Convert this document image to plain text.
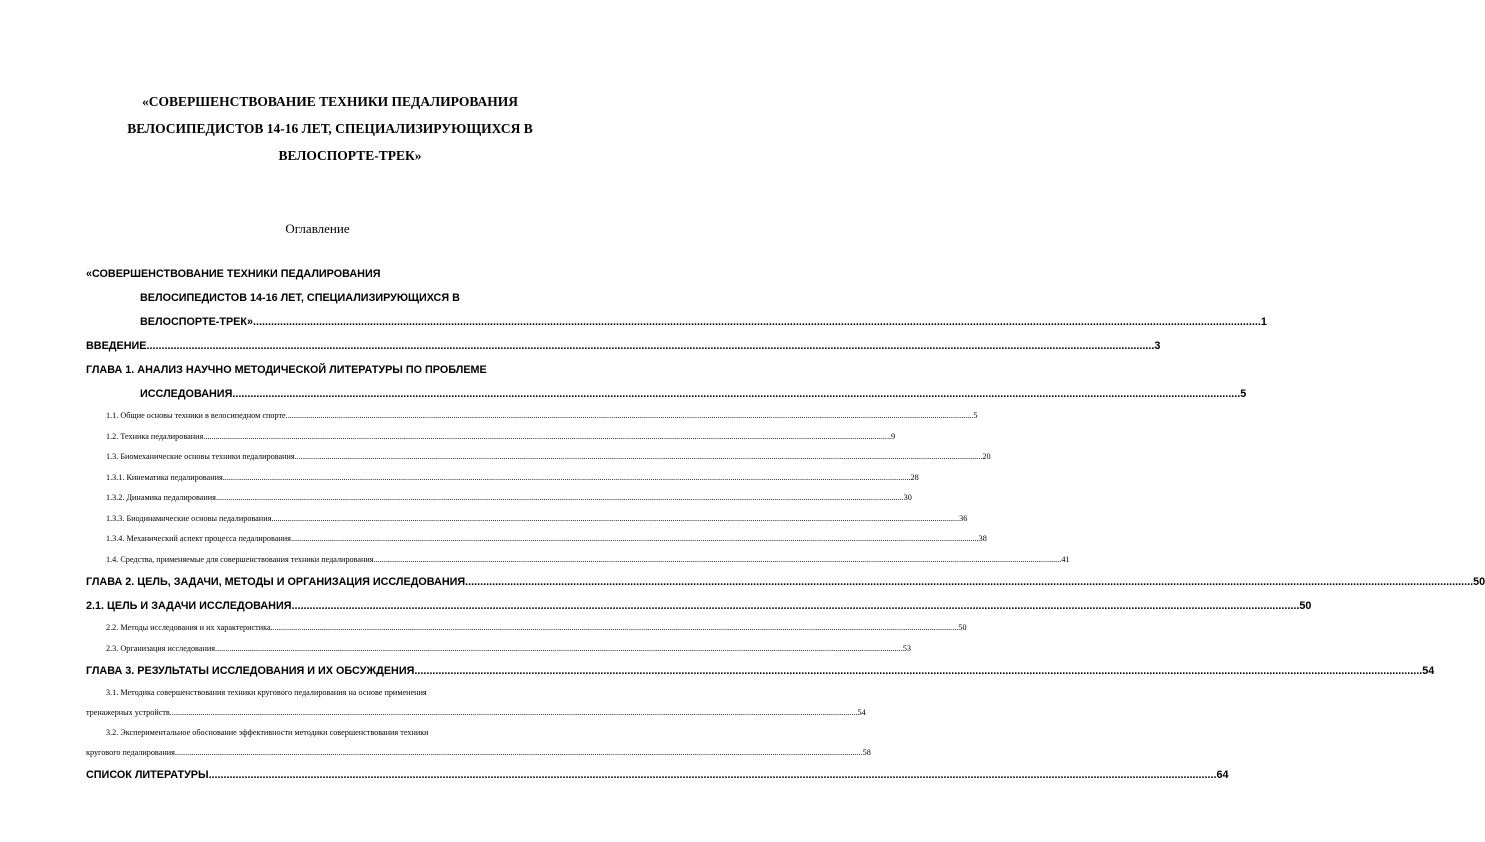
«СОВЕРШЕНСТВОВАНИЕ ТЕХНИКИ ПЕДАЛИРОВАНИЯ
ВЕЛОСИПЕДИСТОВ 14-16 ЛЕТ, СПЕЦИАЛИЗИРУЮЩИХСЯ В
ВЕЛОСПОРТЕ-ТРЕК»
Оглавление
«СОВЕРШЕНСТВОВАНИЕ ТЕХНИКИ ПЕДАЛИРОВАНИЯ
ВЕЛОСИПЕДИСТОВ 14-16 ЛЕТ, СПЕЦИАЛИЗИРУЮЩИХСЯ В
ВЕЛОСПОРТЕ-ТРЕК» .....	1
ВВЕДЕНИЕ .....	3
ГЛАВА 1. АНАЛИЗ НАУЧНО МЕТОДИЧЕСКОЙ ЛИТЕРАТУРЫ ПО ПРОБЛЕМЕ
ИССЛЕДОВАНИЯ .....	5
1.1. Общие основы техники в велосипедном спорте .....	5
1.2. Техника педалирования .....	9
1.3. Биомеханические основы техники педалирования .....	20
1.3.1. Кинематика педалирования .....	28
1.3.2. Динамика педалирования .....	30
1.3.3. Биодинамические основы педалирования .....	36
1.3.4. Механический аспект процесса педалирования .....	38
1.4. Средства, применяемые для совершенствования техники педалирования .....	41
ГЛАВА 2. ЦЕЛЬ, ЗАДАЧИ, МЕТОДЫ И ОРГАНИЗАЦИЯ ИССЛЕДОВАНИЯ .....	50
2.1. ЦЕЛЬ И ЗАДАЧИ ИССЛЕДОВАНИЯ .....	50
2.2. Методы исследования и их характеристика .....	50
2.3. Организация исследования .....	53
ГЛАВА 3. РЕЗУЛЬТАТЫ ИССЛЕДОВАНИЯ И ИХ ОБСУЖДЕНИЯ .....	54
3.1. Методика совершенствования техники кругового педалирования на основе применения
тренажерных устройств .....	54
3.2. Экспериментальное обоснование эффективности методики совершенствования техники
кругового педалирования .....	58
СПИСОК ЛИТЕРАТУРЫ .....	64
